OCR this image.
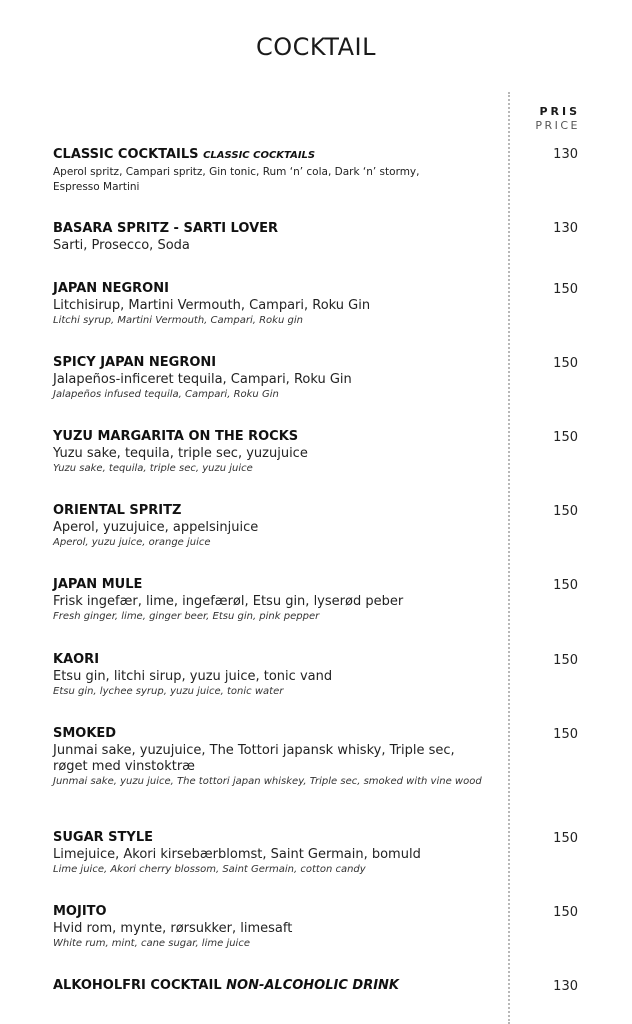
COCKTAIL
PRIS
PRICE
CLASSIC COCKTAILS CLASSIC COCKTAILS
Aperol spritz, Campari spritz, Gin tonic, Rum ‘n’ cola, Dark ‘n’ stormy, Espresso Martini
130
BASARA SPRITZ - SARTI LOVER
Sarti, Prosecco, Soda
130
JAPAN NEGRONI
Litchisirup, Martini Vermouth, Campari, Roku Gin
Litchi syrup, Martini Vermouth, Campari, Roku gin
150
SPICY JAPAN NEGRONI
Jalapeños-inficeret tequila, Campari, Roku Gin
Jalapeños infused tequila, Campari, Roku Gin
150
YUZU MARGARITA ON THE ROCKS
Yuzu sake, tequila, triple sec, yuzujuice
Yuzu sake, tequila, triple sec, yuzu juice
150
ORIENTAL SPRITZ
Aperol, yuzujuice, appelsinjuice
Aperol, yuzu juice, orange juice
150
JAPAN MULE
Frisk ingefær, lime, ingefærøl, Etsu gin, lyserød peber
Fresh ginger, lime, ginger beer, Etsu gin, pink pepper
150
KAORI
Etsu gin, litchi sirup, yuzu juice, tonic vand
Etsu gin, lychee syrup, yuzu juice, tonic water
150
SMOKED
Junmai sake, yuzujuice, The Tottori japansk whisky, Triple sec, røget med vinstoktræ
Junmai sake, yuzu juice, The tottori japan whiskey, Triple sec, smoked with vine wood
150
SUGAR STYLE
Limejuice, Akori kirsebærblomst, Saint Germain, bomuld
Lime juice, Akori cherry blossom, Saint Germain, cotton candy
150
MOJITO
Hvid rom, mynte, rørsukker, limesaft
White rum, mint, cane sugar, lime juice
150
ALKOHOLFRI COCKTAIL NON-ALCOHOLIC DRINK	130
